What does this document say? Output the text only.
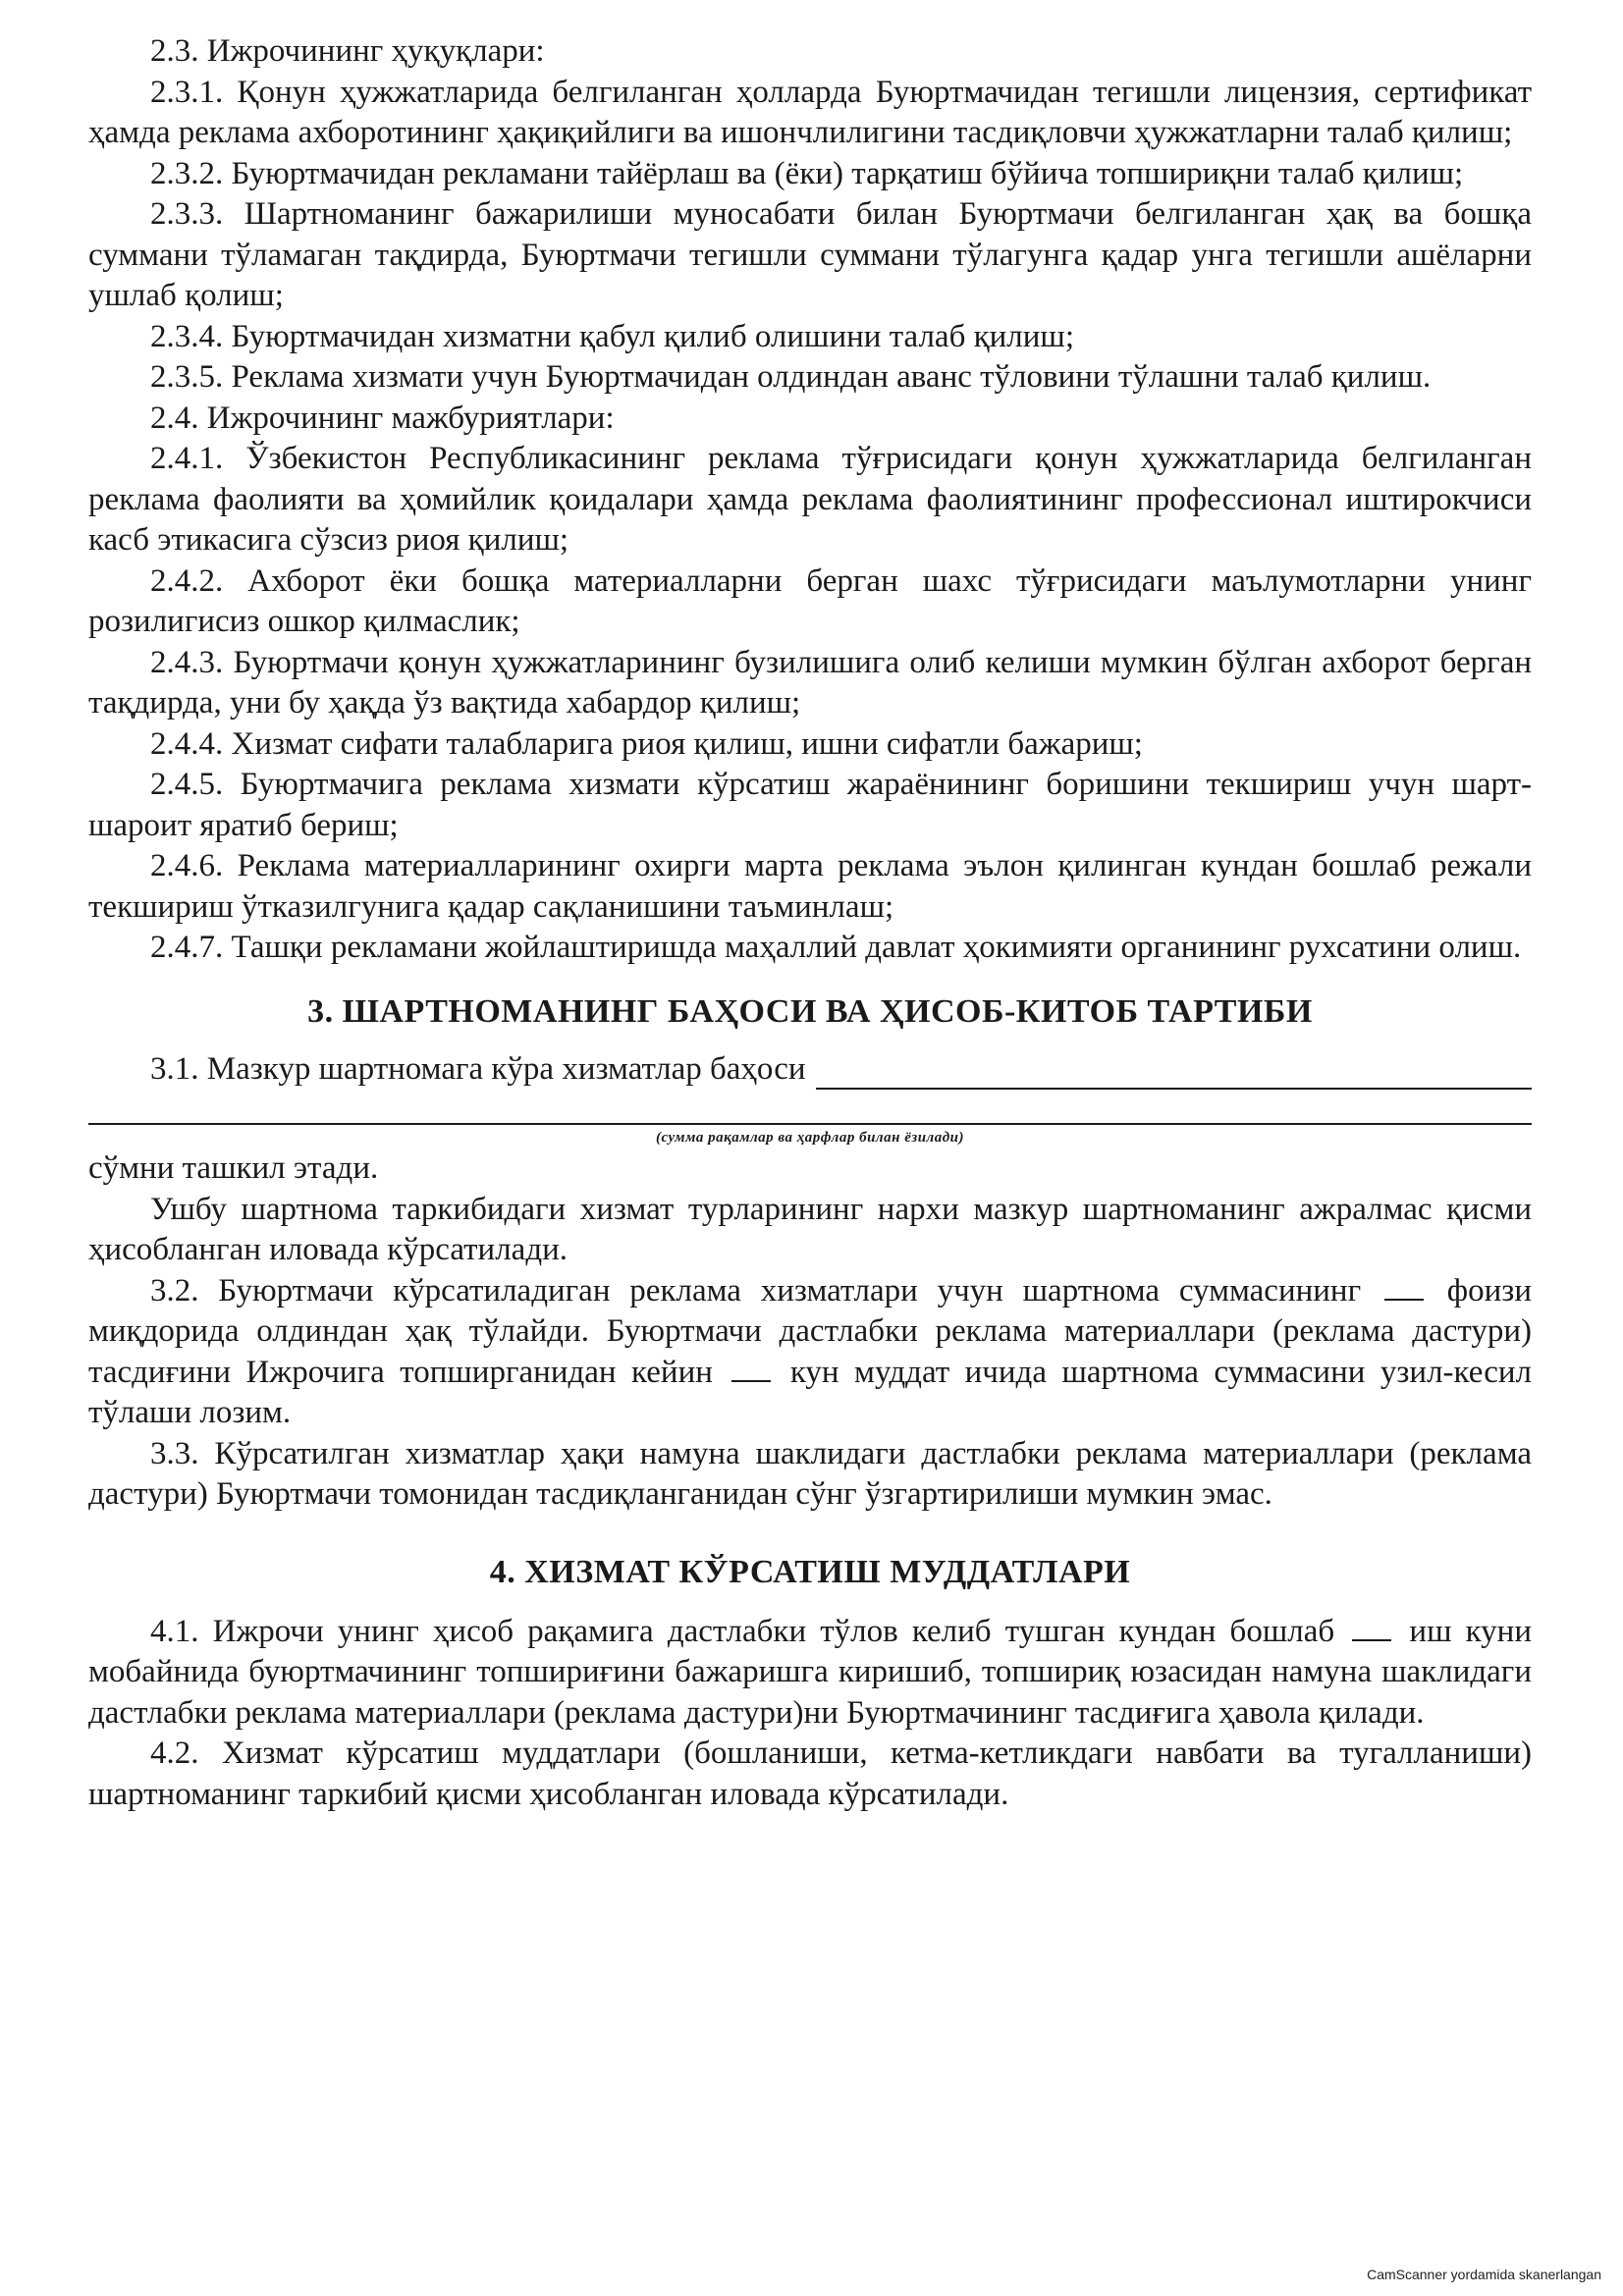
2.3. Ижрочининг ҳуқуқлари:

2.3.1. Қонун ҳужжатларида белгиланган ҳолларда Буюртмачидан тегишли лицензия, сертификат ҳамда реклама ахборотининг ҳақиқийлиги ва ишончлилигини тасдиқловчи ҳужжатларни талаб қилиш;

2.3.2. Буюртмачидан рекламани тайёрлаш ва (ёки) тарқатиш бўйича топшириқни талаб қилиш;

2.3.3. Шартноманинг бажарилиши муносабати билан Буюртмачи белгиланган ҳақ ва бошқа суммани тўламаган тақдирда, Буюртмачи тегишли суммани тўлагунга қадар унга тегишли ашёларни ушлаб қолиш;

2.3.4. Буюртмачидан хизматни қабул қилиб олишини талаб қилиш;

2.3.5. Реклама хизмати учун Буюртмачидан олдиндан аванс тўловини тўлашни талаб қилиш.

2.4. Ижрочининг мажбуриятлари:

2.4.1. Ўзбекистон Республикасининг реклама тўғрисидаги қонун ҳужжатларида белгиланган реклама фаолияти ва ҳомийлик қоидалари ҳамда реклама фаолиятининг профессионал иштирокчиси касб этикасига сўзсиз риоя қилиш;

2.4.2. Ахборот ёки бошқа материалларни берган шахс тўғрисидаги маълумотларни унинг розилигисиз ошкор қилмаслик;

2.4.3. Буюртмачи қонун ҳужжатларининг бузилишига олиб келиши мумкин бўлган ахборот берган тақдирда, уни бу ҳақда ўз вақтида хабардор қилиш;

2.4.4. Хизмат сифати талабларига риоя қилиш, ишни сифатли бажариш;

2.4.5. Буюртмачига реклама хизмати кўрсатиш жараёнининг боришини текшириш учун шарт-шароит яратиб бериш;

2.4.6. Реклама материалларининг охирги марта реклама эълон қилинган кундан бошлаб режали текшириш ўтказилгунига қадар сақланишини таъминлаш;

2.4.7. Ташқи рекламани жойлаштиришда маҳаллий давлат ҳокимияти органининг рухсатини олиш.

3. ШАРТНОМАНИНГ БАҲОСИ ВА ҲИСОБ-КИТОБ ТАРТИБИ
3.1. Мазкур шартномага кўра хизматлар баҳоси
(сумма рақамлар ва ҳарфлар билан ёзилади)

сўмни ташкил этади.

Ушбу шартнома таркибидаги хизмат турларининг нархи мазкур шартноманинг ажралмас қисми ҳисобланган иловада кўрсатилади.

3.2. Буюртмачи кўрсатиладиган реклама хизматлари учун шартнома суммасининг	фоизи миқдорида олдиндан ҳақ тўлайди. Буюртмачи дастлабки реклама материаллари (реклама дастури) тасдиғини Ижрочига топширганидан кейин кун муддат ичида шартнома суммасини узил-кесил тўлаши лозим.

3.3. Кўрсатилган хизматлар ҳақи намуна шаклидаги дастлабки реклама материаллари (реклама дастури) Буюртмачи томонидан тасдиқланганидан сўнг ўзгартирилиши мумкин эмас.

4. ХИЗМАТ КЎРСАТИШ МУДДАТЛАРИ

4.1. Ижрочи унинг ҳисоб рақамига дастлабки тўлов келиб тушган кундан бошлаб иш куни мобайнида буюртмачининг топшириғини бажаришга киришиб, топшириқ юзасидан намуна шаклидаги дастлабки реклама материаллари (реклама дастури)ни Буюртмачининг тасдиғига ҳавола қилади.

4.2. Хизмат кўрсатиш муддатлари (бошланиши, кетма-кетликдаги навбати ва тугалланиши) шартноманинг таркибий қисми ҳисобланган иловада кўрсатилади.

CamScanner yordamida skanerlangan
